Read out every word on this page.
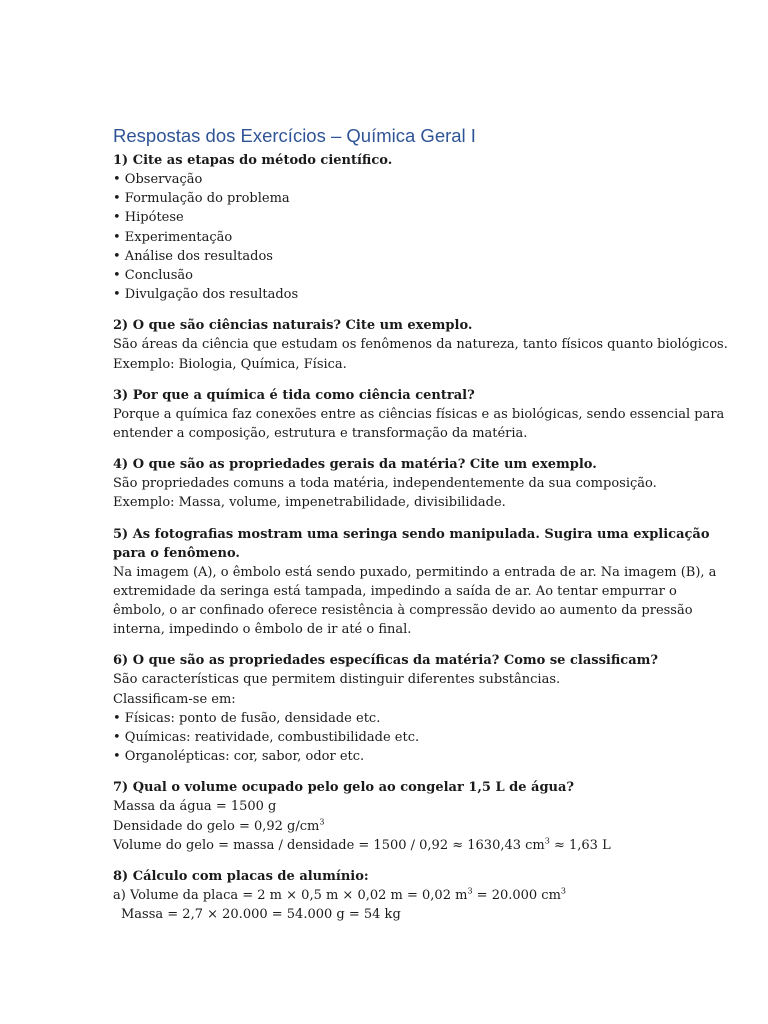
Respostas dos Exercícios – Química Geral I
1) Cite as etapas do método científico.
• Observação
• Formulação do problema
• Hipótese
• Experimentação
• Análise dos resultados
• Conclusão
• Divulgação dos resultados
2) O que são ciências naturais? Cite um exemplo.
São áreas da ciência que estudam os fenômenos da natureza, tanto físicos quanto biológicos.
Exemplo: Biologia, Química, Física.
3) Por que a química é tida como ciência central?
Porque a química faz conexões entre as ciências físicas e as biológicas, sendo essencial para
entender a composição, estrutura e transformação da matéria.
4) O que são as propriedades gerais da matéria? Cite um exemplo.
São propriedades comuns a toda matéria, independentemente da sua composição.
Exemplo: Massa, volume, impenetrabilidade, divisibilidade.
5) As fotografias mostram uma seringa sendo manipulada. Sugira uma explicação
para o fenômeno.
Na imagem (A), o êmbolo está sendo puxado, permitindo a entrada de ar. Na imagem (B), a
extremidade da seringa está tampada, impedindo a saída de ar. Ao tentar empurrar o
êmbolo, o ar confinado oferece resistência à compressão devido ao aumento da pressão
interna, impedindo o êmbolo de ir até o final.
6) O que são as propriedades específicas da matéria? Como se classificam?
São características que permitem distinguir diferentes substâncias.
Classificam-se em:
• Físicas: ponto de fusão, densidade etc.
• Químicas: reatividade, combustibilidade etc.
• Organolépticas: cor, sabor, odor etc.
7) Qual o volume ocupado pelo gelo ao congelar 1,5 L de água?
Massa da água = 1500 g
Densidade do gelo = 0,92 $g/cm^3$
Volume do gelo = massa / densidade = 1500 / 0,92 ≈ 1630,43 $cm^3 \approx 1,63$ L
8) Cálculo com placas de alumínio:
a) Volume da placa = 2 m × 0,5 m × 0,02 m = 0,02 $m^3 = 20.000$ $cm^3$
Massa = 2,7 × 20.000 = 54.000 g = 54 kg
